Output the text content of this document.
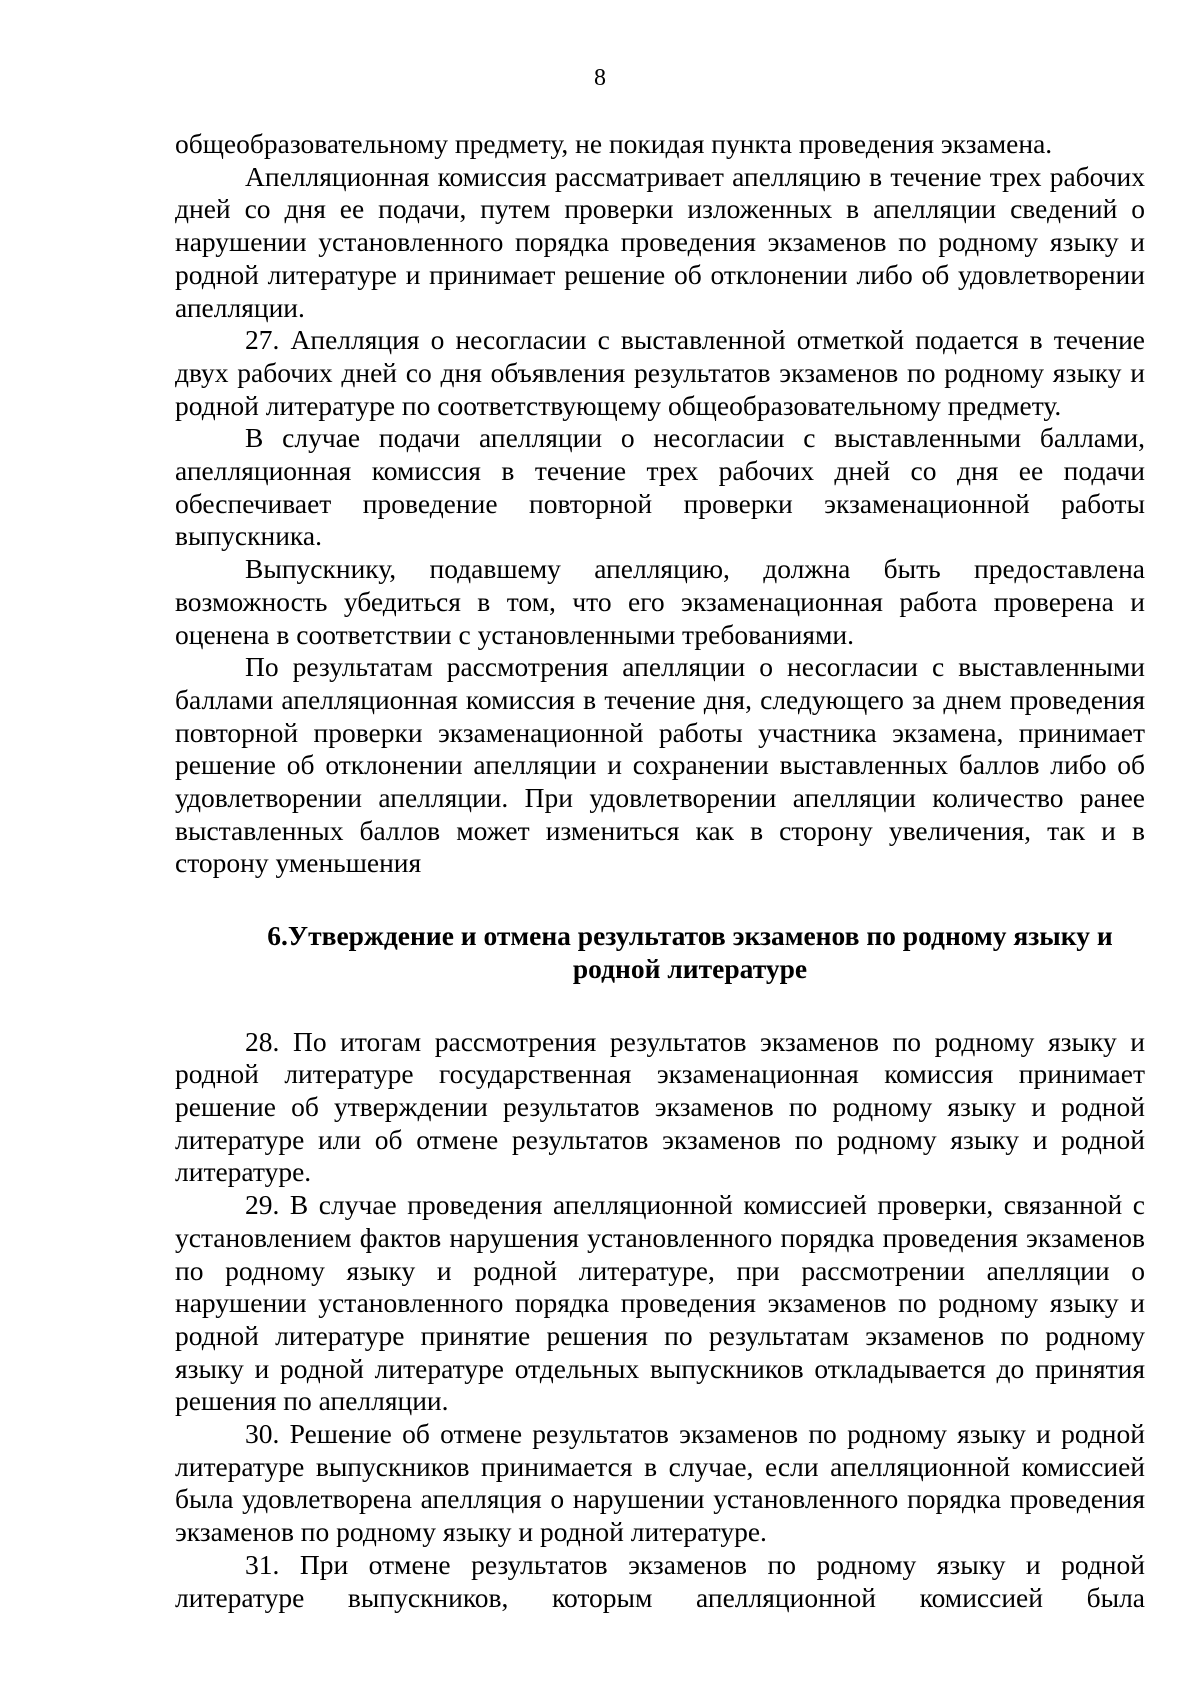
8

общеобразовательному предмету, не покидая пункта проведения экзамена.

Апелляционная комиссия рассматривает апелляцию в течение трех рабочих дней со дня ее подачи, путем проверки изложенных в апелляции сведений о нарушении установленного порядка проведения экзаменов по родному языку и родной литературе и принимает решение об отклонении либо об удовлетворении апелляции.

27. Апелляция о несогласии с выставленной отметкой подается в течение двух рабочих дней со дня объявления результатов экзаменов по родному языку и родной литературе по соответствующему общеобразовательному предмету.

В случае подачи апелляции о несогласии с выставленными баллами, апелляционная комиссия в течение трех рабочих дней со дня ее подачи обеспечивает проведение повторной проверки экзаменационной работы выпускника.

Выпускнику, подавшему апелляцию, должна быть предоставлена возможность убедиться в том, что его экзаменационная работа проверена и оценена в соответствии с установленными требованиями.

По результатам рассмотрения апелляции о несогласии с выставленными баллами апелляционная комиссия в течение дня, следующего за днем проведения повторной проверки экзаменационной работы участника экзамена, принимает решение об отклонении апелляции и сохранении выставленных баллов либо об удовлетворении апелляции. При удовлетворении апелляции количество ранее выставленных баллов может измениться как в сторону увеличения, так и в сторону уменьшения

6.Утверждение и отмена результатов экзаменов по родному языку и родной литературе

28. По итогам рассмотрения результатов экзаменов по родному языку и родной литературе государственная экзаменационная комиссия принимает решение об утверждении результатов экзаменов по родному языку и родной литературе или об отмене результатов экзаменов по родному языку и родной литературе.

29. В случае проведения апелляционной комиссией проверки, связанной с установлением фактов нарушения установленного порядка проведения экзаменов по родному языку и родной литературе, при рассмотрении апелляции о нарушении установленного порядка проведения экзаменов по родному языку и родной литературе принятие решения по результатам экзаменов по родному языку и родной литературе отдельных выпускников откладывается до принятия решения по апелляции.

30. Решение об отмене результатов экзаменов по родному языку и родной литературе выпускников принимается в случае, если апелляционной комиссией была удовлетворена апелляция о нарушении установленного порядка проведения экзаменов по родному языку и родной литературе.

31. При отмене результатов экзаменов по родному языку и родной литературе выпускников, которым апелляционной комиссией была
